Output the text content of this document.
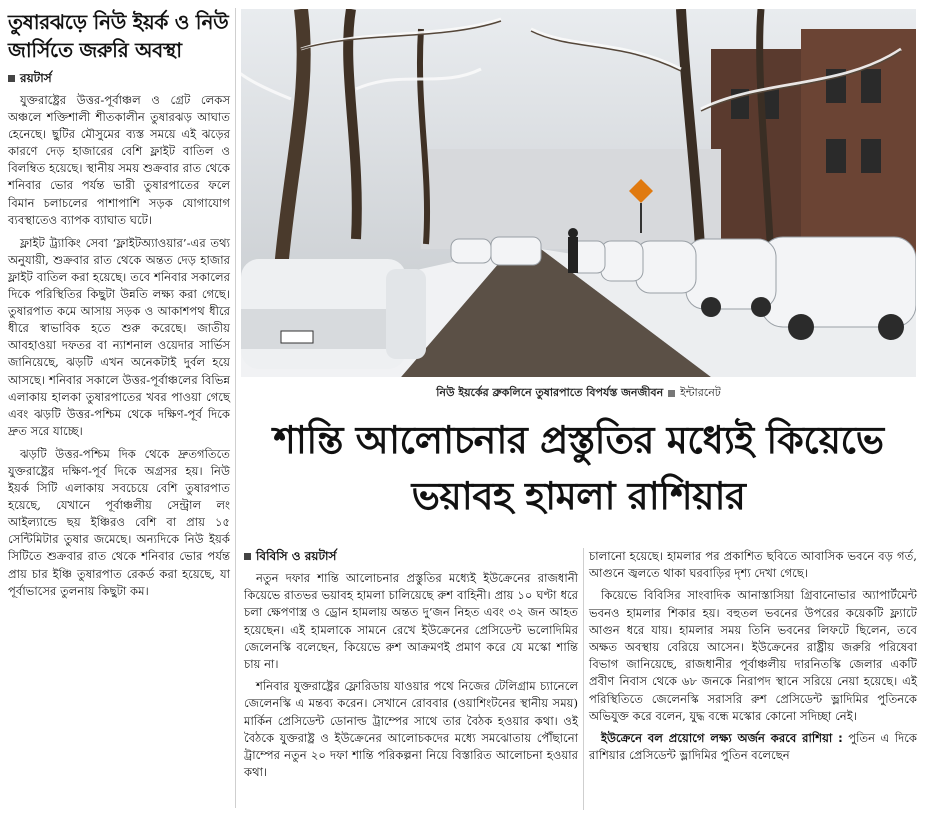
তুষারঝড়ে নিউ ইয়র্ক ও নিউ জার্সিতে জরুরি অবস্থা
রয়টার্স

যুক্তরাষ্ট্রের উত্তর-পূর্বাঞ্চল ও গ্রেট লেকস অঞ্চলে শক্তিশালী শীতকালীন তুষারঝড় আঘাত হেনেছে। ছুটির মৌসুমের ব্যস্ত সময়ে এই ঝড়ের কারণে দেড় হাজারের বেশি ফ্লাইট বাতিল ও বিলম্বিত হয়েছে। স্থানীয় সময় শুক্রবার রাত থেকে শনিবার ভোর পর্যন্ত ভারী তুষারপাতের ফলে বিমান চলাচলের পাশাপাশি সড়ক যোগাযোগ ব্যবস্থাতেও ব্যাপক ব্যাঘাত ঘটে।

ফ্লাইট ট্র্যাকিং সেবা ‘ফ্লাইটঅ্যাওয়ার’-এর তথ্য অনুযায়ী, শুক্রবার রাত থেকে অন্তত দেড় হাজার ফ্লাইট বাতিল করা হয়েছে। তবে শনিবার সকালের দিকে পরিস্থিতির কিছুটা উন্নতি লক্ষ্য করা গেছে। তুষারপাত কমে আসায় সড়ক ও আকাশপথ ধীরে ধীরে স্বাভাবিক হতে শুরু করেছে। জাতীয় আবহাওয়া দফতর বা ন্যাশনাল ওয়েদার সার্ভিস জানিয়েছে, ঝড়টি এখন অনেকটাই দুর্বল হয়ে আসছে। শনিবার সকালে উত্তর-পূর্বাঞ্চলের বিভিন্ন এলাকায় হালকা তুষারপাতের খবর পাওয়া গেছে এবং ঝড়টি উত্তর-পশ্চিম থেকে দক্ষিণ-পূর্ব দিকে দ্রুত সরে যাচ্ছে।

ঝড়টি উত্তর-পশ্চিম দিক থেকে দ্রুতগতিতে যুক্তরাষ্ট্রের দক্ষিণ-পূর্ব দিকে অগ্রসর হয়। নিউ ইয়র্ক সিটি এলাকায় সবচেয়ে বেশি তুষারপাত হয়েছে, যেখানে পূর্বাঞ্চলীয় সেন্ট্রাল লং আইল্যান্ডে ছয় ইঞ্চিরও বেশি বা প্রায় ১৫ সেন্টিমিটার তুষার জমেছে। অন্যদিকে নিউ ইয়র্ক সিটিতে শুক্রবার রাত থেকে শনিবার ভোর পর্যন্ত প্রায় চার ইঞ্চি তুষারপাত রেকর্ড করা হয়েছে, যা পূর্বাভাসের তুলনায় কিছুটা কম।

নিউ ইয়র্কের ব্রুকলিনে তুষারপাতে বিপর্যস্ত জনজীবন ইন্টারনেট
শান্তি আলোচনার প্রস্তুতির মধ্যেই কিয়েভে ভয়াবহ হামলা রাশিয়ার
বিবিসি ও রয়টার্স

নতুন দফার শান্তি আলোচনার প্রস্তুতির মধ্যেই ইউক্রেনের রাজধানী কিয়েভে রাতভর ভয়াবহ হামলা চালিয়েছে রুশ বাহিনী। প্রায় ১০ ঘণ্টা ধরে চলা ক্ষেপণাস্ত্র ও ড্রোন হামলায় অন্তত দু’জন নিহত এবং ৩২ জন আহত হয়েছেন। এই হামলাকে সামনে রেখে ইউক্রেনের প্রেসিডেন্ট ভলোদিমির জেলেনস্কি বলেছেন, কিয়েভে রুশ আক্রমণই প্রমাণ করে যে মস্কো শান্তি চায় না।

শনিবার যুক্তরাষ্ট্রের ফ্লোরিডায় যাওয়ার পথে নিজের টেলিগ্রাম চ্যানেলে জেলেনস্কি এ মন্তব্য করেন। সেখানে রোববার (ওয়াশিংটনের স্থানীয় সময়) মার্কিন প্রেসিডেন্ট ডোনাল্ড ট্রাম্পের সাথে তার বৈঠক হওয়ার কথা। ওই বৈঠকে যুক্তরাষ্ট্র ও ইউক্রেনের আলোচকদের মধ্যে সমঝোতায় পৌঁছানো ট্রাম্পের নতুন ২০ দফা শান্তি পরিকল্পনা নিয়ে বিস্তারিত আলোচনা হওয়ার কথা।

চালানো হয়েছে। হামলার পর প্রকাশিত ছবিতে আবাসিক ভবনে বড় গর্ত, আগুনে জ্বলতে থাকা ঘরবাড়ির দৃশ্য দেখা গেছে।

কিয়েভে বিবিসির সাংবাদিক আনাস্তাসিয়া গ্রিবানোভার অ্যাপার্টমেন্ট ভবনও হামলার শিকার হয়। বহুতল ভবনের উপরের কয়েকটি ফ্ল্যাটে আগুন ধরে যায়। হামলার সময় তিনি ভবনের লিফটে ছিলেন, তবে অক্ষত অবস্থায় বেরিয়ে আসেন। ইউক্রেনের রাষ্ট্রীয় জরুরি পরিষেবা বিভাগ জানিয়েছে, রাজধানীর পূর্বাঞ্চলীয় দারনিতস্কি জেলার একটি প্রবীণ নিবাস থেকে ৬৮ জনকে নিরাপদ স্থানে সরিয়ে নেয়া হয়েছে। এই পরিস্থিতিতে জেলেনস্কি সরাসরি রুশ প্রেসিডেন্ট ভ্লাদিমির পুতিনকে অভিযুক্ত করে বলেন, যুদ্ধ বন্ধে মস্কোর কোনো সদিচ্ছা নেই।

ইউক্রেনে বল প্রয়োগে লক্ষ্য অর্জন করবে রাশিয়া : পুতিন এ দিকে রাশিয়ার প্রেসিডেন্ট ভ্লাদিমির পুতিন বলেছেন
